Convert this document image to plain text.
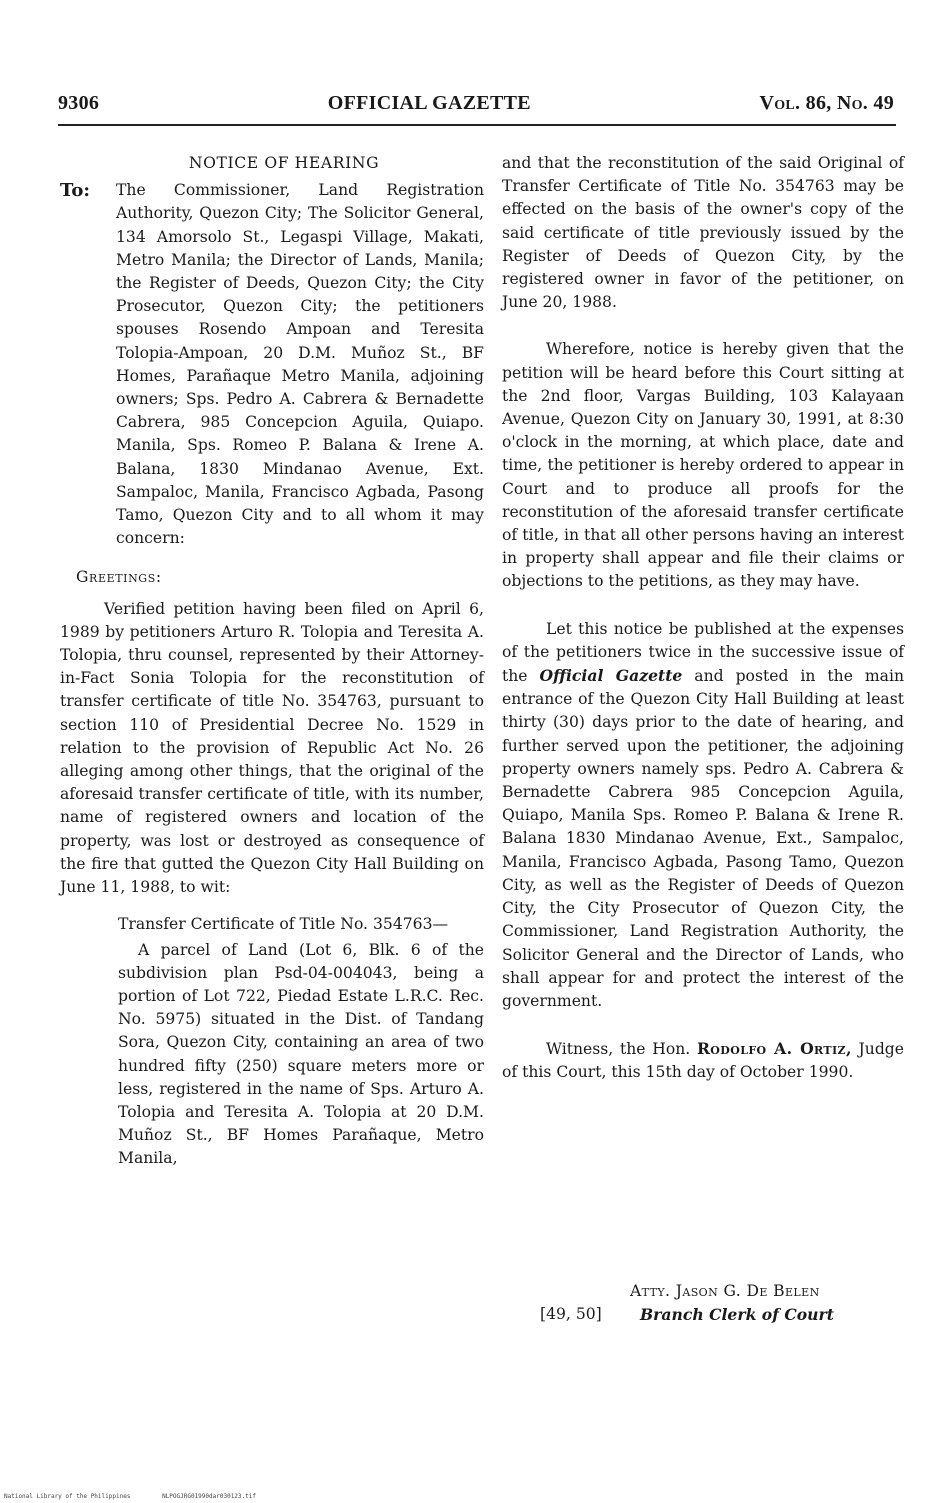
9306	OFFICIAL GAZETTE	Vol. 86, No. 49

NOTICE OF HEARING

To:	The Commissioner, Land Registration Authority, Quezon City; The Solicitor General, 134 Amorsolo St., Legaspi Village, Makati, Metro Manila; the Director of Lands, Manila; the Register of Deeds, Quezon City; the City Prosecutor, Quezon City; the petitioners spouses Rosendo Ampoan and Teresita Tolopia-Ampoan, 20 D.M. Muñoz St., BF Homes, Parañaque Metro Manila, adjoining owners; Sps. Pedro A. Cabrera & Bernadette Cabrera, 985 Concepcion Aguila, Quiapo. Manila, Sps. Romeo P. Balana & Irene A. Balana, 1830 Mindanao Avenue, Ext. Sampaloc, Manila, Francisco Agbada, Pasong Tamo, Quezon City and to all whom it may concern:

Greetings:

Verified petition having been filed on April 6, 1989 by petitioners Arturo R. Tolopia and Teresita A. Tolopia, thru counsel, represented by their Attorney-in-Fact Sonia Tolopia for the reconstitution of transfer certificate of title No. 354763, pursuant to section 110 of Presidential Decree No. 1529 in relation to the provision of Republic Act No. 26 alleging among other things, that the original of the aforesaid transfer certificate of title, with its number, name of registered owners and location of the property, was lost or destroyed as consequence of the fire that gutted the Quezon City Hall Building on June 11, 1988, to wit:

Transfer Certificate of Title No. 354763—

A parcel of Land (Lot 6, Blk. 6 of the subdivision plan Psd-04-004043, being a portion of Lot 722, Piedad Estate L.R.C. Rec. No. 5975) situated in the Dist. of Tandang Sora, Quezon City, containing an area of two hundred fifty (250) square meters more or less, registered in the name of Sps. Arturo A. Tolopia and Teresita A. Tolopia at 20 D.M. Muñoz St., BF Homes Parañaque, Metro Manila,

and that the reconstitution of the said Original of Transfer Certificate of Title No. 354763 may be effected on the basis of the owner's copy of the said certificate of title previously issued by the Register of Deeds of Quezon City, by the registered owner in favor of the petitioner, on June 20, 1988.

Wherefore, notice is hereby given that the petition will be heard before this Court sitting at the 2nd floor, Vargas Building, 103 Kalayaan Avenue, Quezon City on January 30, 1991, at 8:30 o'clock in the morning, at which place, date and time, the petitioner is hereby ordered to appear in Court and to produce all proofs for the reconstitution of the aforesaid transfer certificate of title, in that all other persons having an interest in property shall appear and file their claims or objections to the petitions, as they may have.

Let this notice be published at the expenses of the petitioners twice in the successive issue of the Official Gazette and posted in the main entrance of the Quezon City Hall Building at least thirty (30) days prior to the date of hearing, and further served upon the petitioner, the adjoining property owners namely sps. Pedro A. Cabrera & Bernadette Cabrera 985 Concepcion Aguila, Quiapo, Manila Sps. Romeo P. Balana & Irene R. Balana 1830 Mindanao Avenue, Ext., Sampaloc, Manila, Francisco Agbada, Pasong Tamo, Quezon City, as well as the Register of Deeds of Quezon City, the City Prosecutor of Quezon City, the Commissioner, Land Registration Authority, the Solicitor General and the Director of Lands, who shall appear for and protect the interest of the government.

Witness, the Hon. Rodolfo A. Ortiz, Judge of this Court, this 15th day of October 1990.

Atty. Jason G. De Belen
[49, 50]	Branch Clerk of Court
National Library of the Philippines	NLPOGJRG01990dar030123.tif
